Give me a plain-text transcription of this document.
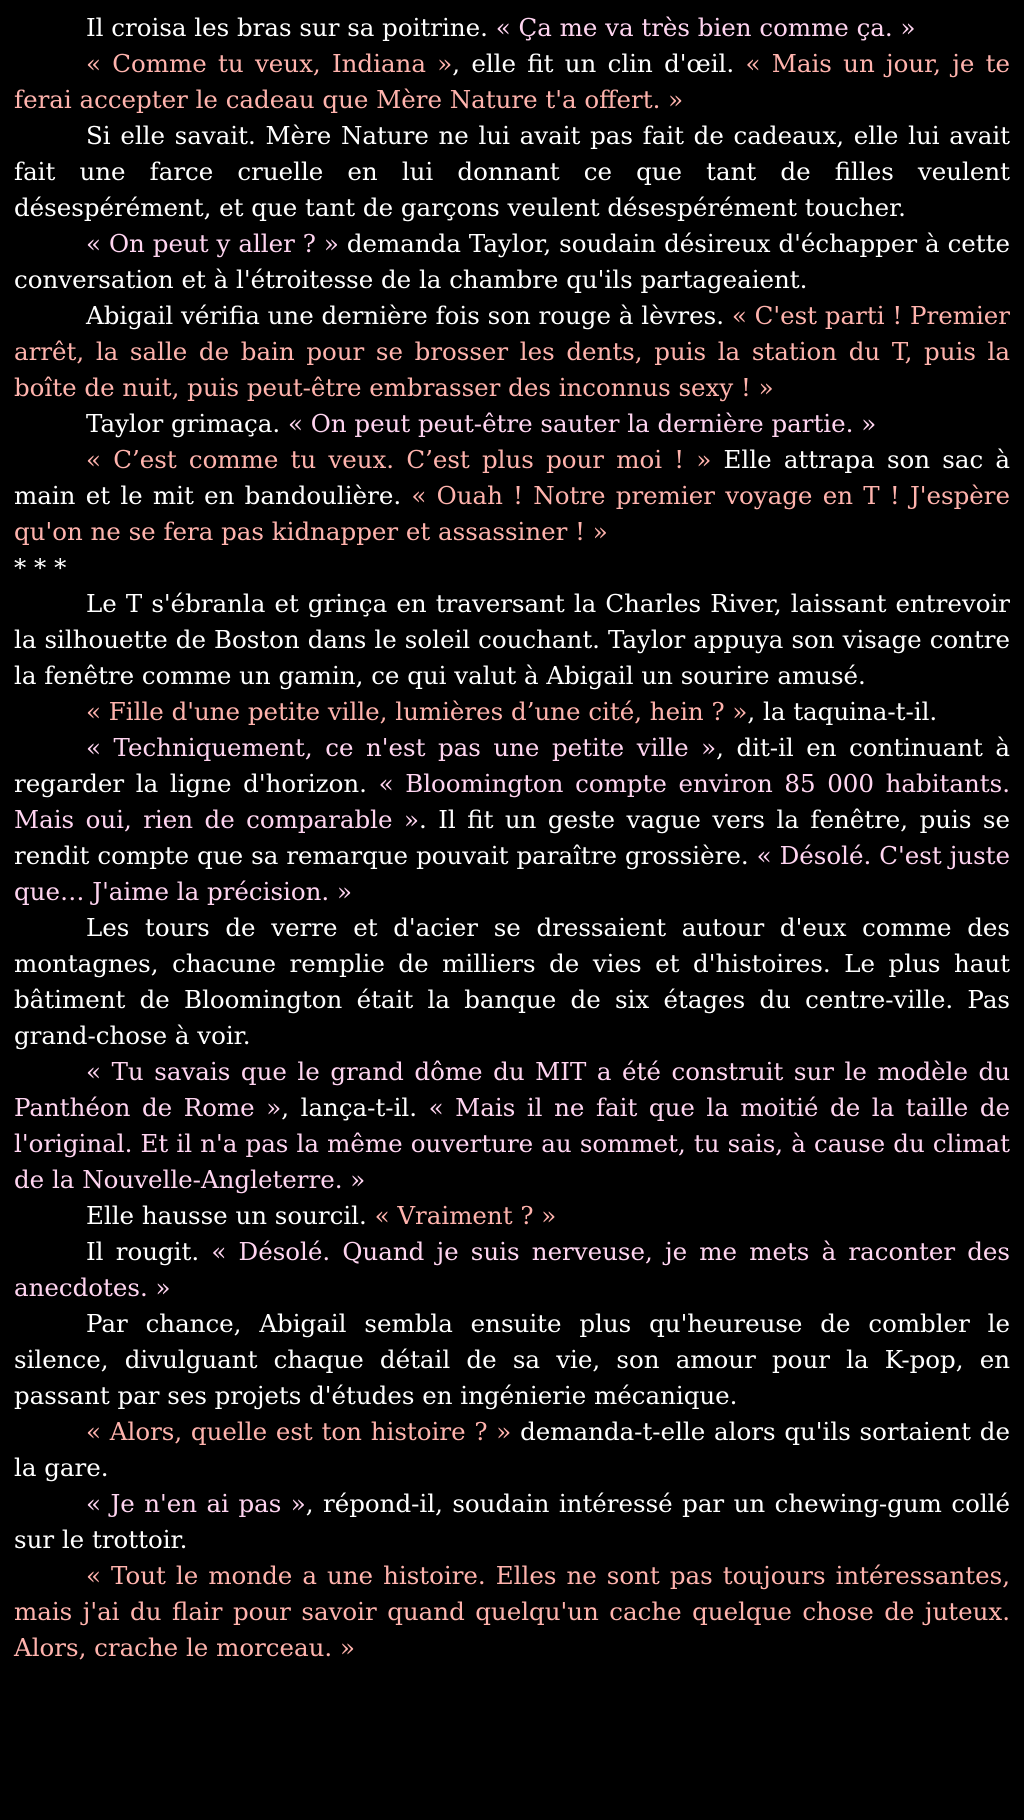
Il croisa les bras sur sa poitrine. « Ça me va très bien comme ça. »

« Comme tu veux, Indiana », elle fit un clin d'œil. « Mais un jour, je te ferai accepter le cadeau que Mère Nature t'a offert. »

Si elle savait. Mère Nature ne lui avait pas fait de cadeaux, elle lui avait fait une farce cruelle en lui donnant ce que tant de filles veulent désespérément, et que tant de garçons veulent désespérément toucher.

« On peut y aller ? » demanda Taylor, soudain désireux d'échapper à cette conversation et à l'étroitesse de la chambre qu'ils partageaient.

Abigail vérifia une dernière fois son rouge à lèvres. « C'est parti ! Premier arrêt, la salle de bain pour se brosser les dents, puis la station du T, puis la boîte de nuit, puis peut-être embrasser des inconnus sexy ! »

Taylor grimaça. « On peut peut-être sauter la dernière partie. »

« C’est comme tu veux. C’est plus pour moi ! » Elle attrapa son sac à main et le mit en bandoulière. « Ouah ! Notre premier voyage en T ! J'espère qu'on ne se fera pas kidnapper et assassiner ! »

* * *

Le T s'ébranla et grinça en traversant la Charles River, laissant entrevoir la silhouette de Boston dans le soleil couchant. Taylor appuya son visage contre la fenêtre comme un gamin, ce qui valut à Abigail un sourire amusé.

« Fille d'une petite ville, lumières d’une cité, hein ? », la taquina-t-il.

« Techniquement, ce n'est pas une petite ville », dit-il en continuant à regarder la ligne d'horizon. « Bloomington compte environ 85 000 habitants. Mais oui, rien de comparable ». Il fit un geste vague vers la fenêtre, puis se rendit compte que sa remarque pouvait paraître grossière. « Désolé. C'est juste que… J'aime la précision. »

Les tours de verre et d'acier se dressaient autour d'eux comme des montagnes, chacune remplie de milliers de vies et d'histoires. Le plus haut bâtiment de Bloomington était la banque de six étages du centre-ville. Pas grand-chose à voir.

« Tu savais que le grand dôme du MIT a été construit sur le modèle du Panthéon de Rome », lança-t-il. « Mais il ne fait que la moitié de la taille de l'original. Et il n'a pas la même ouverture au sommet, tu sais, à cause du climat de la Nouvelle-Angleterre. »

Elle hausse un sourcil. « Vraiment ? »

Il rougit. « Désolé. Quand je suis nerveuse, je me mets à raconter des anecdotes. »

Par chance, Abigail sembla ensuite plus qu'heureuse de combler le silence, divulguant chaque détail de sa vie, son amour pour la K-pop, en passant par ses projets d'études en ingénierie mécanique.

« Alors, quelle est ton histoire ? » demanda-t-elle alors qu'ils sortaient de la gare.

« Je n'en ai pas », répond-il, soudain intéressé par un chewing-gum collé sur le trottoir.

« Tout le monde a une histoire. Elles ne sont pas toujours intéressantes, mais j'ai du flair pour savoir quand quelqu'un cache quelque chose de juteux. Alors, crache le morceau. »
